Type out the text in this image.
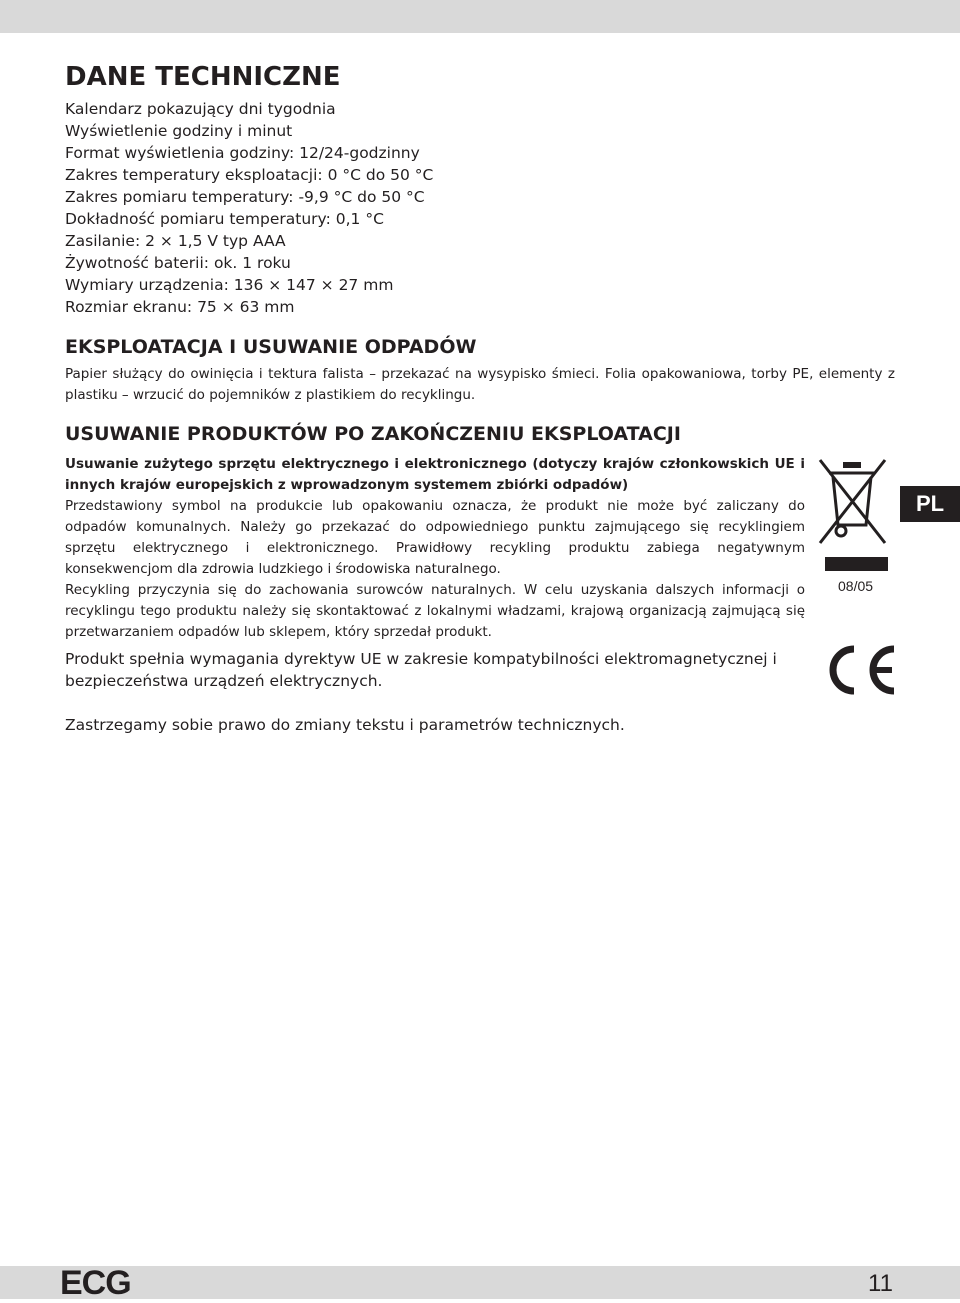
DANE TECHNICZNE
Kalendarz pokazujący dni tygodnia
Wyświetlenie godziny i minut
Format wyświetlenia godziny: 12/24-godzinny
Zakres temperatury eksploatacji: 0 °C do 50 °C
Zakres pomiaru temperatury: -9,9 °C do 50 °C
Dokładność pomiaru temperatury: 0,1 °C
Zasilanie: 2 × 1,5 V typ AAA
Żywotność baterii: ok. 1 roku
Wymiary urządzenia: 136 × 147 × 27 mm
Rozmiar ekranu: 75 × 63 mm
EKSPLOATACJA I USUWANIE ODPADÓW
Papier służący do owinięcia i tektura falista – przekazać na wysypisko śmieci. Folia opakowaniowa, torby PE, elementy z plastiku – wrzucić do pojemników z plastikiem do recyklingu.
USUWANIE PRODUKTÓW PO ZAKOŃCZENIU EKSPLOATACJI
Usuwanie zużytego sprzętu elektrycznego i elektronicznego (dotyczy krajów członkowskich UE i innych krajów europejskich z wprowadzonym systemem zbiórki odpadów)
Przedstawiony symbol na produkcie lub opakowaniu oznacza, że produkt nie może być zaliczany do odpadów komunalnych. Należy go przekazać do odpowiedniego punktu zajmującego się recyklingiem sprzętu elektrycznego i elektronicznego. Prawidłowy recykling produktu zabiega negatywnym konsekwencjom dla zdrowia ludzkiego i środowiska naturalnego.
Recykling przyczynia się do zachowania surowców naturalnych. W celu uzyskania dalszych informacji o recyklingu tego produktu należy się skontaktować z lokalnymi władzami, krajową organizacją zajmującą się przetwarzaniem odpadów lub sklepem, który sprzedał produkt.
08/05
PL
Produkt spełnia wymagania dyrektyw UE w zakresie kompatybilności elektromagnetycznej i bezpieczeństwa urządzeń elektrycznych.
Zastrzegamy sobie prawo do zmiany tekstu i parametrów technicznych.
ECG	11
